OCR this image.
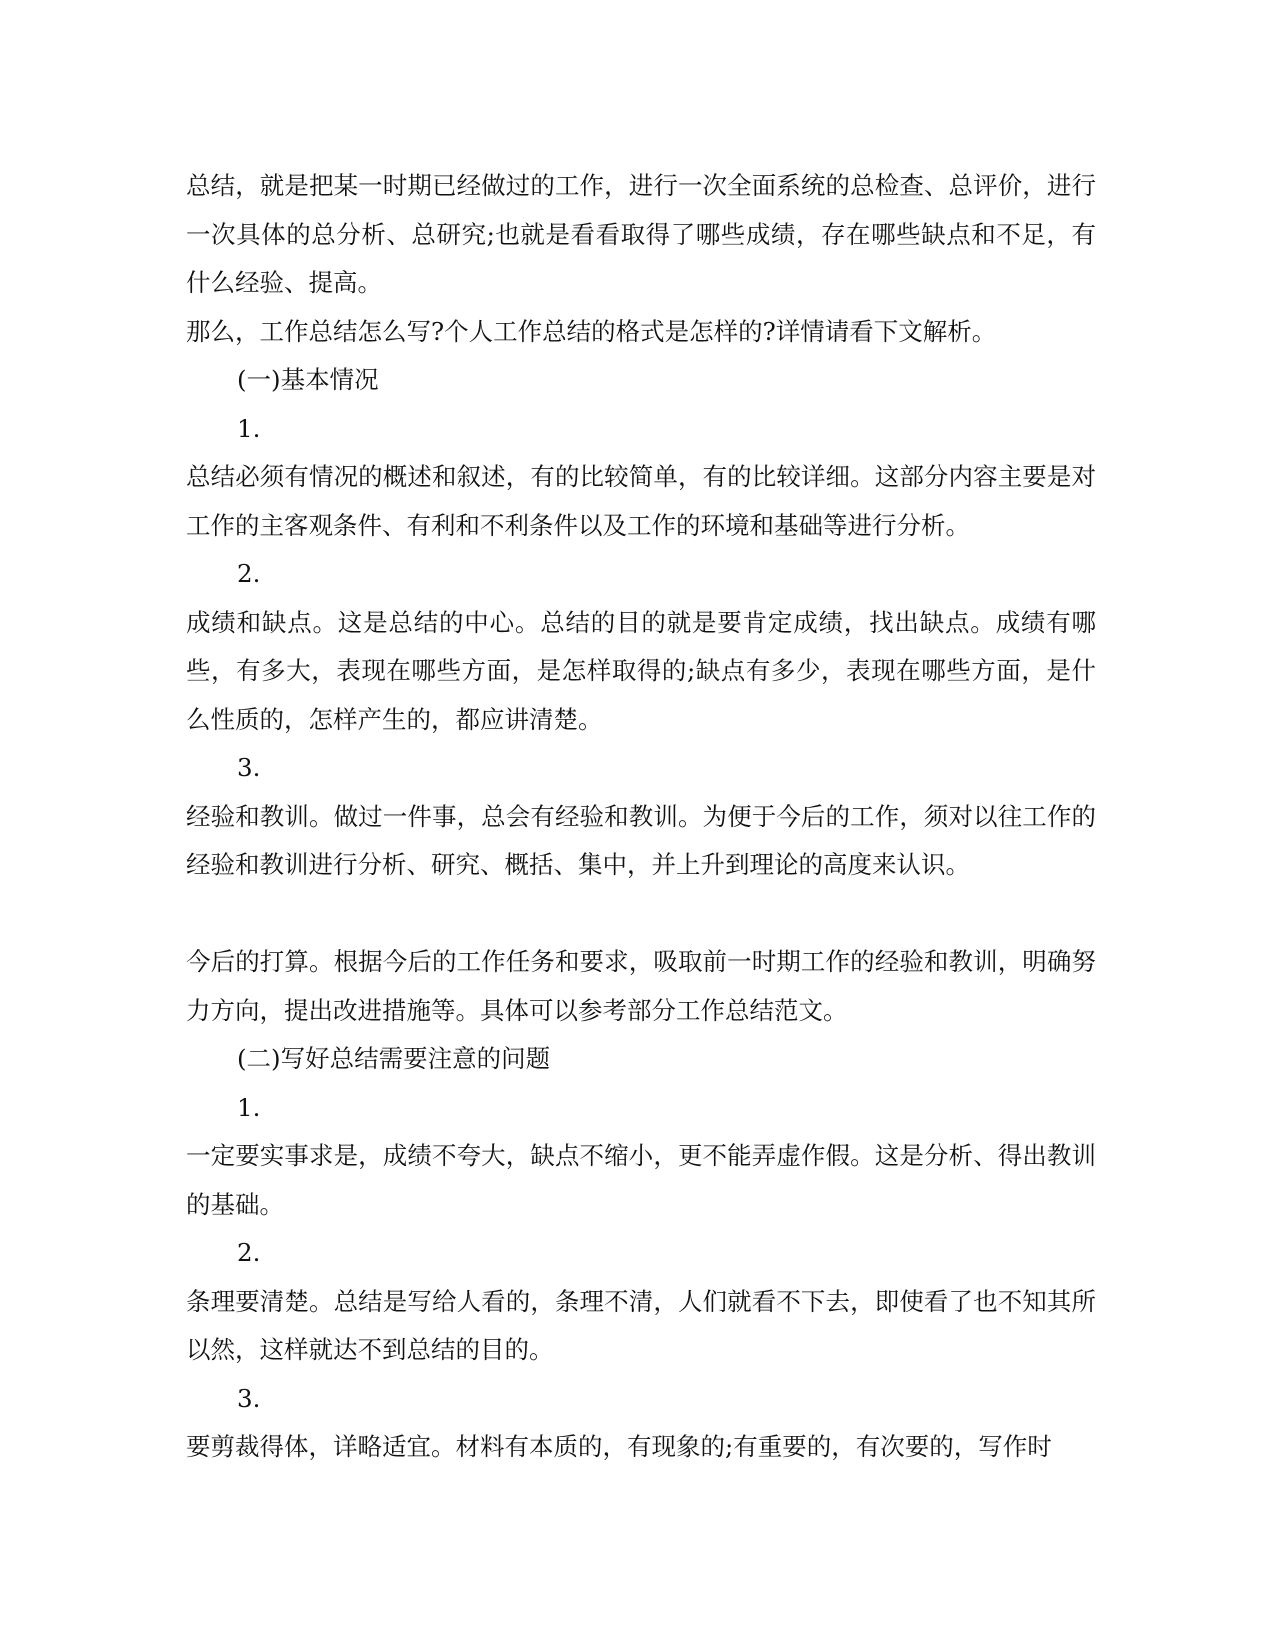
总结，就是把某一时期已经做过的工作，进行一次全面系统的总检查、总评价，进行一次具体的总分析、总研究;也就是看看取得了哪些成绩，存在哪些缺点和不足，有什么经验、提高。

那么，工作总结怎么写?个人工作总结的格式是怎样的?详情请看下文解析。

(一)基本情况

1.

总结必须有情况的概述和叙述，有的比较简单，有的比较详细。这部分内容主要是对工作的主客观条件、有利和不利条件以及工作的环境和基础等进行分析。

2.

成绩和缺点。这是总结的中心。总结的目的就是要肯定成绩，找出缺点。成绩有哪些，有多大，表现在哪些方面，是怎样取得的;缺点有多少，表现在哪些方面，是什么性质的，怎样产生的，都应讲清楚。

3.

经验和教训。做过一件事，总会有经验和教训。为便于今后的工作，须对以往工作的经验和教训进行分析、研究、概括、集中，并上升到理论的高度来认识。

今后的打算。根据今后的工作任务和要求，吸取前一时期工作的经验和教训，明确努力方向，提出改进措施等。具体可以参考部分工作总结范文。

(二)写好总结需要注意的问题

1.

一定要实事求是，成绩不夸大，缺点不缩小，更不能弄虚作假。这是分析、得出教训的基础。

2.

条理要清楚。总结是写给人看的，条理不清，人们就看不下去，即使看了也不知其所以然，这样就达不到总结的目的。

3.

要剪裁得体，详略适宜。材料有本质的，有现象的;有重要的，有次要的，写作时
